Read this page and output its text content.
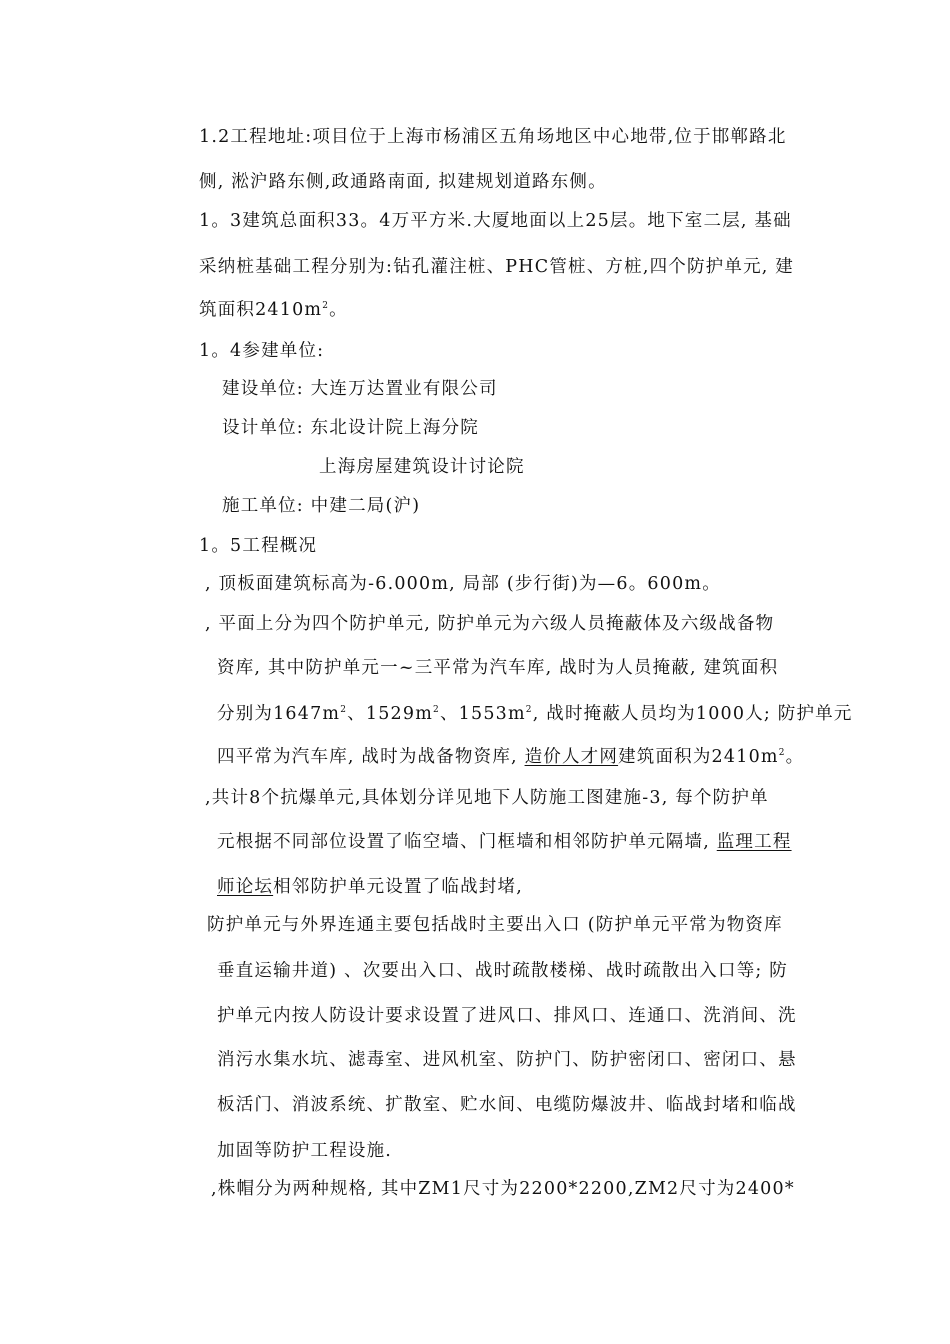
1.2工程地址:项目位于上海市杨浦区五角场地区中心地带,位于邯郸路北
侧, 淞沪路东侧,政通路南面, 拟建规划道路东侧。
1。3建筑总面积33。4万平方米.大厦地面以上25层。地下室二层, 基础
采纳桩基础工程分别为:钻孔灌注桩、PHC管桩、方桩,四个防护单元, 建
筑面积$2410m^2$。
1。4参建单位:
建设单位: 大连万达置业有限公司
设计单位: 东北设计院上海分院
上海房屋建筑设计讨论院
施工单位: 中建二局(沪)
1。5工程概况
, 顶板面建筑标高为-6.000m, 局部 (步行街)为—6。600m。
, 平面上分为四个防护单元, 防护单元为六级人员掩蔽体及六级战备物
资库, 其中防护单元一~三平常为汽车库, 战时为人员掩蔽, 建筑面积
分别为$1647m^2$、$1529m^2$、$1553m^2$, 战时掩蔽人员均为1000人; 防护单元
四平常为汽车库, 战时为战备物资库, 造价人才网建筑面积为$2410m^2$。
,共计8个抗爆单元,具体划分详见地下人防施工图建施-3, 每个防护单
元根据不同部位设置了临空墙、门框墙和相邻防护单元隔墙, 监理工程
师论坛相邻防护单元设置了临战封堵,
防护单元与外界连通主要包括战时主要出入口 (防护单元平常为物资库
垂直运输井道) 、次要出入口、战时疏散楼梯、战时疏散出入口等; 防
护单元内按人防设计要求设置了进风口、排风口、连通口、洗消间、洗
消污水集水坑、滤毒室、进风机室、防护门、防护密闭口、密闭口、悬
板活门、消波系统、扩散室、贮水间、电缆防爆波井、临战封堵和临战
加固等防护工程设施.
,株帽分为两种规格, 其中ZM1尺寸为2200*2200,ZM2尺寸为2400*
